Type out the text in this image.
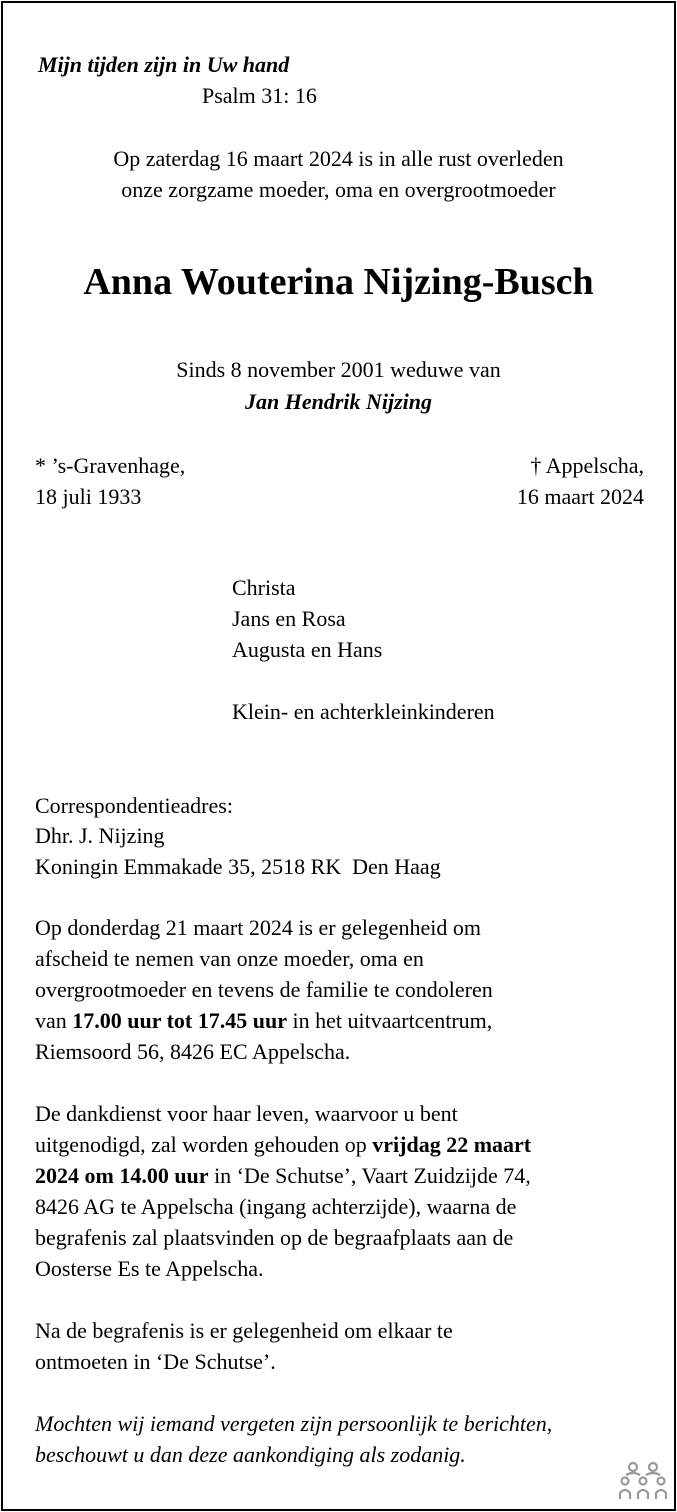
Mijn tijden zijn in Uw hand
Psalm 31: 16
Op zaterdag 16 maart 2024 is in alle rust overleden
onze zorgzame moeder, oma en overgrootmoeder
Anna Wouterina Nijzing-Busch
Sinds 8 november 2001 weduwe van
Jan Hendrik Nijzing
* ’s-Gravenhage,
18 juli 1933
† Appelscha,
16 maart 2024
Christa
Jans en Rosa
Augusta en Hans
Klein- en achterkleinkinderen
Correspondentieadres:
Dhr. J. Nijzing
Koningin Emmakade 35, 2518 RK  Den Haag
Op donderdag 21 maart 2024 is er gelegenheid om
afscheid te nemen van onze moeder, oma en
overgrootmoeder en tevens de familie te condoleren
van 17.00 uur tot 17.45 uur in het uitvaartcentrum,
Riemsoord 56, 8426 EC Appelscha.
De dankdienst voor haar leven, waarvoor u bent
uitgenodigd, zal worden gehouden op vrijdag 22 maart
2024 om 14.00 uur in ‘De Schutse’, Vaart Zuidzijde 74,
8426 AG te Appelscha (ingang achterzijde), waarna de
begrafenis zal plaatsvinden op de begraafplaats aan de
Oosterse Es te Appelscha.
Na de begrafenis is er gelegenheid om elkaar te
ontmoeten in ‘De Schutse’.
Mochten wij iemand vergeten zijn persoonlijk te berichten,
beschouwt u dan deze aankondiging als zodanig.
